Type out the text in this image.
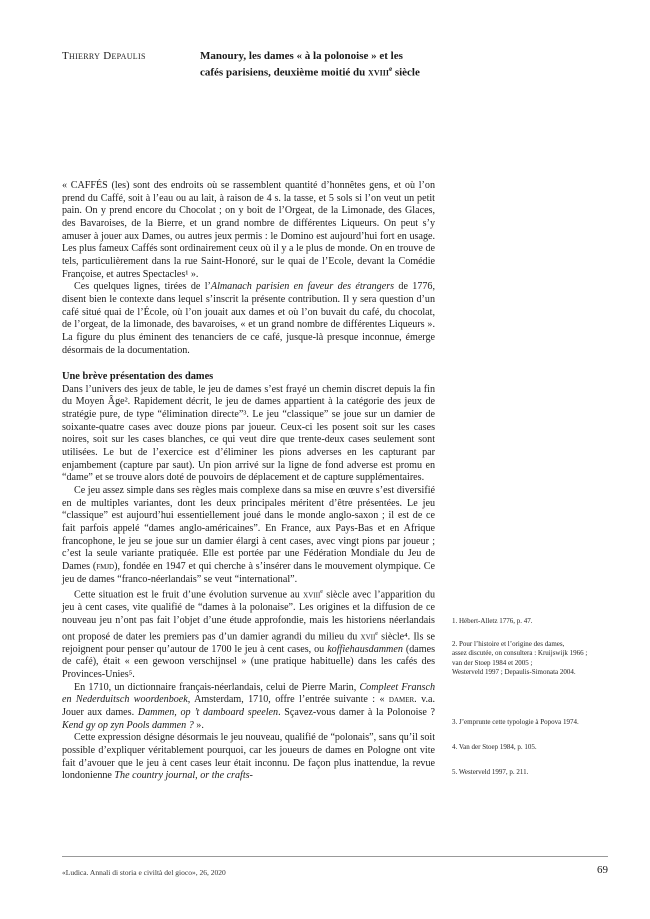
Thierry Depaulis	Manoury, les dames « à la polonoise » et les
cafés parisiens, deuxième moitié du xviii$^e$ siècle

« CAFFÉS (les) sont des endroits où se rassemblent quantité d’honnêtes gens, et où l’on prend du Caffé, soit à l’eau ou au lait, à raison de 4 s. la tasse, et 5 sols si l’on veut un petit pain. On y prend encore du Chocolat ; on y boit de l’Orgeat, de la Limonade, des Glaces, des Bavaroises, de la Bierre, et un grand nombre de différentes Liqueurs. On peut s’y amuser à jouer aux Dames, ou autres jeux permis : le Domino est aujourd’hui fort en usage. Les plus fameux Caffés sont ordinairement ceux où il y a le plus de monde. On en trouve de tels, particulièrement dans la rue Saint-Honoré, sur le quai de l’Ecole, devant la Comédie Françoise, et autres Spectacles¹ ».

Ces quelques lignes, tirées de l’Almanach parisien en faveur des étrangers de 1776, disent bien le contexte dans lequel s’inscrit la présente contribution. Il y sera question d’un café situé quai de l’École, où l’on jouait aux dames et où l’on buvait du café, du chocolat, de l’orgeat, de la limonade, des bavaroises, « et un grand nombre de différentes Liqueurs ». La figure du plus éminent des tenanciers de ce café, jusque-là presque inconnue, émerge désormais de la documentation.

Une brève présentation des dames

Dans l’univers des jeux de table, le jeu de dames s’est frayé un chemin discret depuis la fin du Moyen Âge². Rapidement décrit, le jeu de dames appartient à la catégorie des jeux de stratégie pure, de type “élimination directe”³. Le jeu “classique” se joue sur un damier de soixante-quatre cases avec douze pions par joueur. Ceux-ci les posent soit sur les cases noires, soit sur les cases blanches, ce qui veut dire que trente-deux cases seulement sont utilisées. Le but de l’exercice est d’éliminer les pions adverses en les capturant par enjambement (capture par saut). Un pion arrivé sur la ligne de fond adverse est promu en “dame” et se trouve alors doté de pouvoirs de déplacement et de capture supplémentaires.

Ce jeu assez simple dans ses règles mais complexe dans sa mise en œuvre s’est diversifié en de multiples variantes, dont les deux principales méritent d’être présentées. Le jeu “classique” est aujourd’hui essentiellement joué dans le monde anglo-saxon ; il est de ce fait parfois appelé “dames anglo-américaines”. En France, aux Pays-Bas et en Afrique francophone, le jeu se joue sur un damier élargi à cent cases, avec vingt pions par joueur ; c’est la seule variante pratiquée. Elle est portée par une Fédération Mondiale du Jeu de Dames (fmjd), fondée en 1947 et qui cherche à s’insérer dans le mouvement olympique. Ce jeu de dames “franco-néerlandais” se veut “international”.

Cette situation est le fruit d’une évolution survenue au xviii$^e$ siècle avec l’apparition du jeu à cent cases, vite qualifié de “dames à la polonaise”. Les origines et la diffusion de ce nouveau jeu n’ont pas fait l’objet d’une étude approfondie, mais les historiens néerlandais ont proposé de dater les premiers pas d’un damier agrandi du milieu du xvii$^e$ siècle⁴. Ils se rejoignent pour penser qu’autour de 1700 le jeu à cent cases, ou koffiehausdammen (dames de café), était « een gewoon verschijnsel » (une pratique habituelle) dans les cafés des Provinces-Unies⁵.

En 1710, un dictionnaire français-néerlandais, celui de Pierre Marin, Compleet Fransch en Nederduitsch woordenboek, Amsterdam, 1710, offre l’entrée suivante : « damer. v.a. Jouer aux dames. Dammen, op ’t damboard speelen. Sçavez-vous damer à la Polonoise ? Kend gy op zyn Pools dammen ? ».

Cette expression désigne désormais le jeu nouveau, qualifié de “polonais”, sans qu’il soit possible d’expliquer véritablement pourquoi, car les joueurs de dames en Pologne ont vite fait d’avouer que le jeu à cent cases leur était inconnu. De façon plus inattendue, la revue londonienne The country journal, or the crafts-

1. Hébert-Alletz 1776, p. 47.
2. Pour l’histoire et l’origine des dames,
assez discutée, on consultera : Kruijswijk 1966 ;
van der Stoep 1984 et 2005 ;
Westerveld 1997 ; Depaulis-Simonata 2004.
3. J’emprunte cette typologie à Popova 1974.
4. Van der Stoep 1984, p. 105.
5. Westerveld 1997, p. 211.
«Ludica. Annali di storia e civiltà del gioco», 26, 2020	69
